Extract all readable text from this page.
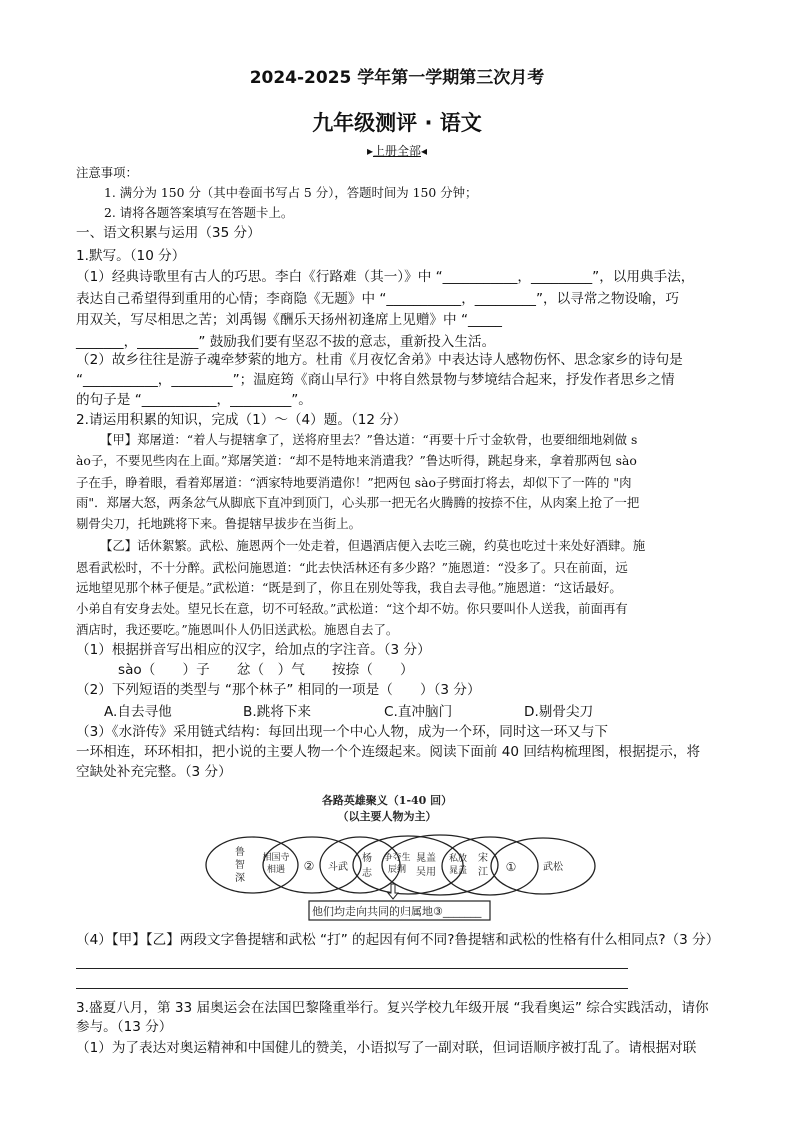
2024-2025 学年第一学期第三次月考
九年级测评 · 语文
▸上册全部◂
注意事项：
1. 满分为 150 分（其中卷面书写占 5 分），答题时间为 150 分钟；
2. 请将各题答案填写在答题卡上。
一、语文积累与运用（35 分）
1.默写。（10 分）
（1）经典诗歌里有古人的巧思。李白《行路难（其一）》中 “___________，_________”，以用典手法，
表达自己希望得到重用的心情；李商隐《无题》中 “___________，_________”，以寻常之物设喻，巧
用双关，写尽相思之苦；刘禹锡《酬乐天扬州初逢席上见赠》中 “_____
_______，_________” 鼓励我们要有坚忍不拔的意志，重新投入生活。
（2）故乡往往是游子魂牵梦萦的地方。杜甫《月夜忆舍弟》中表达诗人感物伤怀、思念家乡的诗句是
“___________，_________”；温庭筠《商山早行》中将自然景物与梦境结合起来，抒发作者思乡之情
的句子是 “___________，_________”。
2.请运用积累的知识，完成（1）～（4）题。（12 分）
【甲】郑屠道：“着人与提辖拿了，送将府里去？”鲁达道：“再要十斤寸金软骨，也要细细地剁做 s
ào子，不要见些肉在上面。”郑屠笑道：“却不是特地来消遣我？”鲁达听得，跳起身来，拿着那两包 sào
子在手，睁着眼，看着郑屠道：“洒家特地要消遣你！”把两包 sào子劈面打将去，却似下了一阵的 "肉
雨"．郑屠大怒，两条忿气从脚底下直冲到顶门，心头那一把无名火腾腾的按捺不住，从肉案上抢了一把
剔骨尖刀，托地跳将下来。鲁提辖早拔步在当街上。
【乙】话休絮繁。武松、施恩两个一处走着，但遇酒店便入去吃三碗，约莫也吃过十来处好酒肆。施
恩看武松时，不十分醉。武松问施恩道：“此去快活林还有多少路？”施恩道：“没多了。只在前面，远
远地望见那个林子便是。”武松道：“既是到了，你且在别处等我，我自去寻他。”施恩道：“这话最好。
小弟自有安身去处。望兄长在意，切不可轻敌。”武松道：“这个却不妨。你只要叫仆人送我，前面再有
酒店时，我还要吃。”施恩叫仆人仍旧送武松。施恩自去了。
（1）根据拼音写出相应的汉字，给加点的字注音。（3 分）
sào（　　）子　　忿（　）气　　按捺（　　）
（2）下列短语的类型与 “那个林子” 相同的一项是（　　）（3 分）
A.自去寻他	B.跳将下来	C.直冲脑门	D.剔骨尖刀
（3）《水浒传》采用链式结构：每回出现一个中心人物，成为一个环，同时这一环又与下
一环相连，环环相扣，把小说的主要人物一个个连缀起来。阅读下面前 40 回结构梳理图，根据提示，将
空缺处补充完整。（3 分）
各路英雄聚义（1-40 回）
（以主要人物为主）
② 斗武	①	武松
他们均走向共同的归属地③_______
鲁智深
相国寺相遇
杨志
争夺生辰纲
晁盖吴用
私放晁盖
宋江
（4）【甲】【乙】两段文字鲁提辖和武松 “打” 的起因有何不同?鲁提辖和武松的性格有什么相同点?（3 分）
3.盛夏八月，第 33 届奥运会在法国巴黎隆重举行。复兴学校九年级开展 “我看奥运” 综合实践活动，请你
参与。（13 分）
（1）为了表达对奥运精神和中国健儿的赞美，小语拟写了一副对联，但词语顺序被打乱了。请根据对联
